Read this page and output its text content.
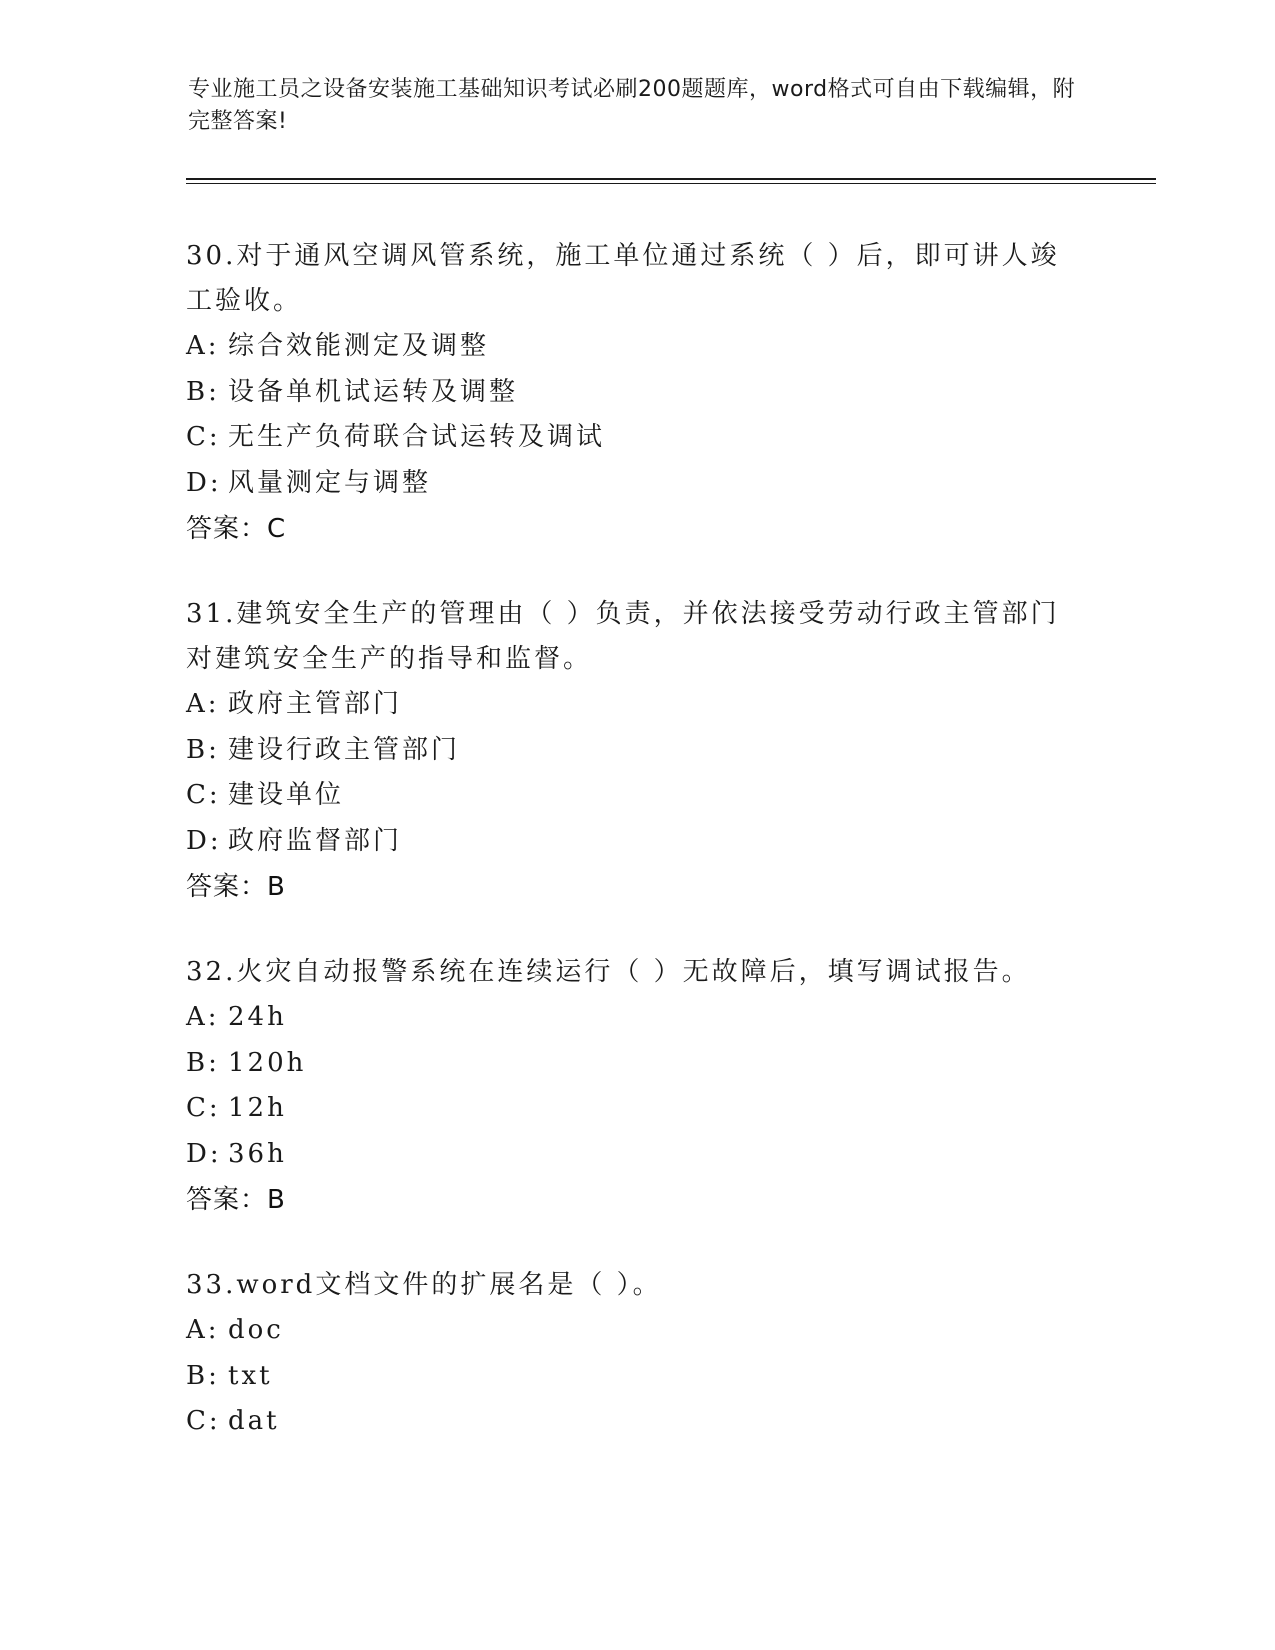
专业施工员之设备安装施工基础知识考试必刷200题题库，word格式可自由下载编辑，附完整答案!
30.对于通风空调风管系统，施工单位通过系统（ ）后，即可讲人竣工验收。
A: 综合效能测定及调整
B: 设备单机试运转及调整
C: 无生产负荷联合试运转及调试
D: 风量测定与调整
答案：C
31.建筑安全生产的管理由（ ）负责，并依法接受劳动行政主管部门对建筑安全生产的指导和监督。
A: 政府主管部门
B: 建设行政主管部门
C: 建设单位
D: 政府监督部门
答案：B
32.火灾自动报警系统在连续运行（ ）无故障后，填写调试报告。
A: 24h
B: 120h
C: 12h
D: 36h
答案：B
33.word文档文件的扩展名是（ ）。
A: doc
B: txt
C: dat
